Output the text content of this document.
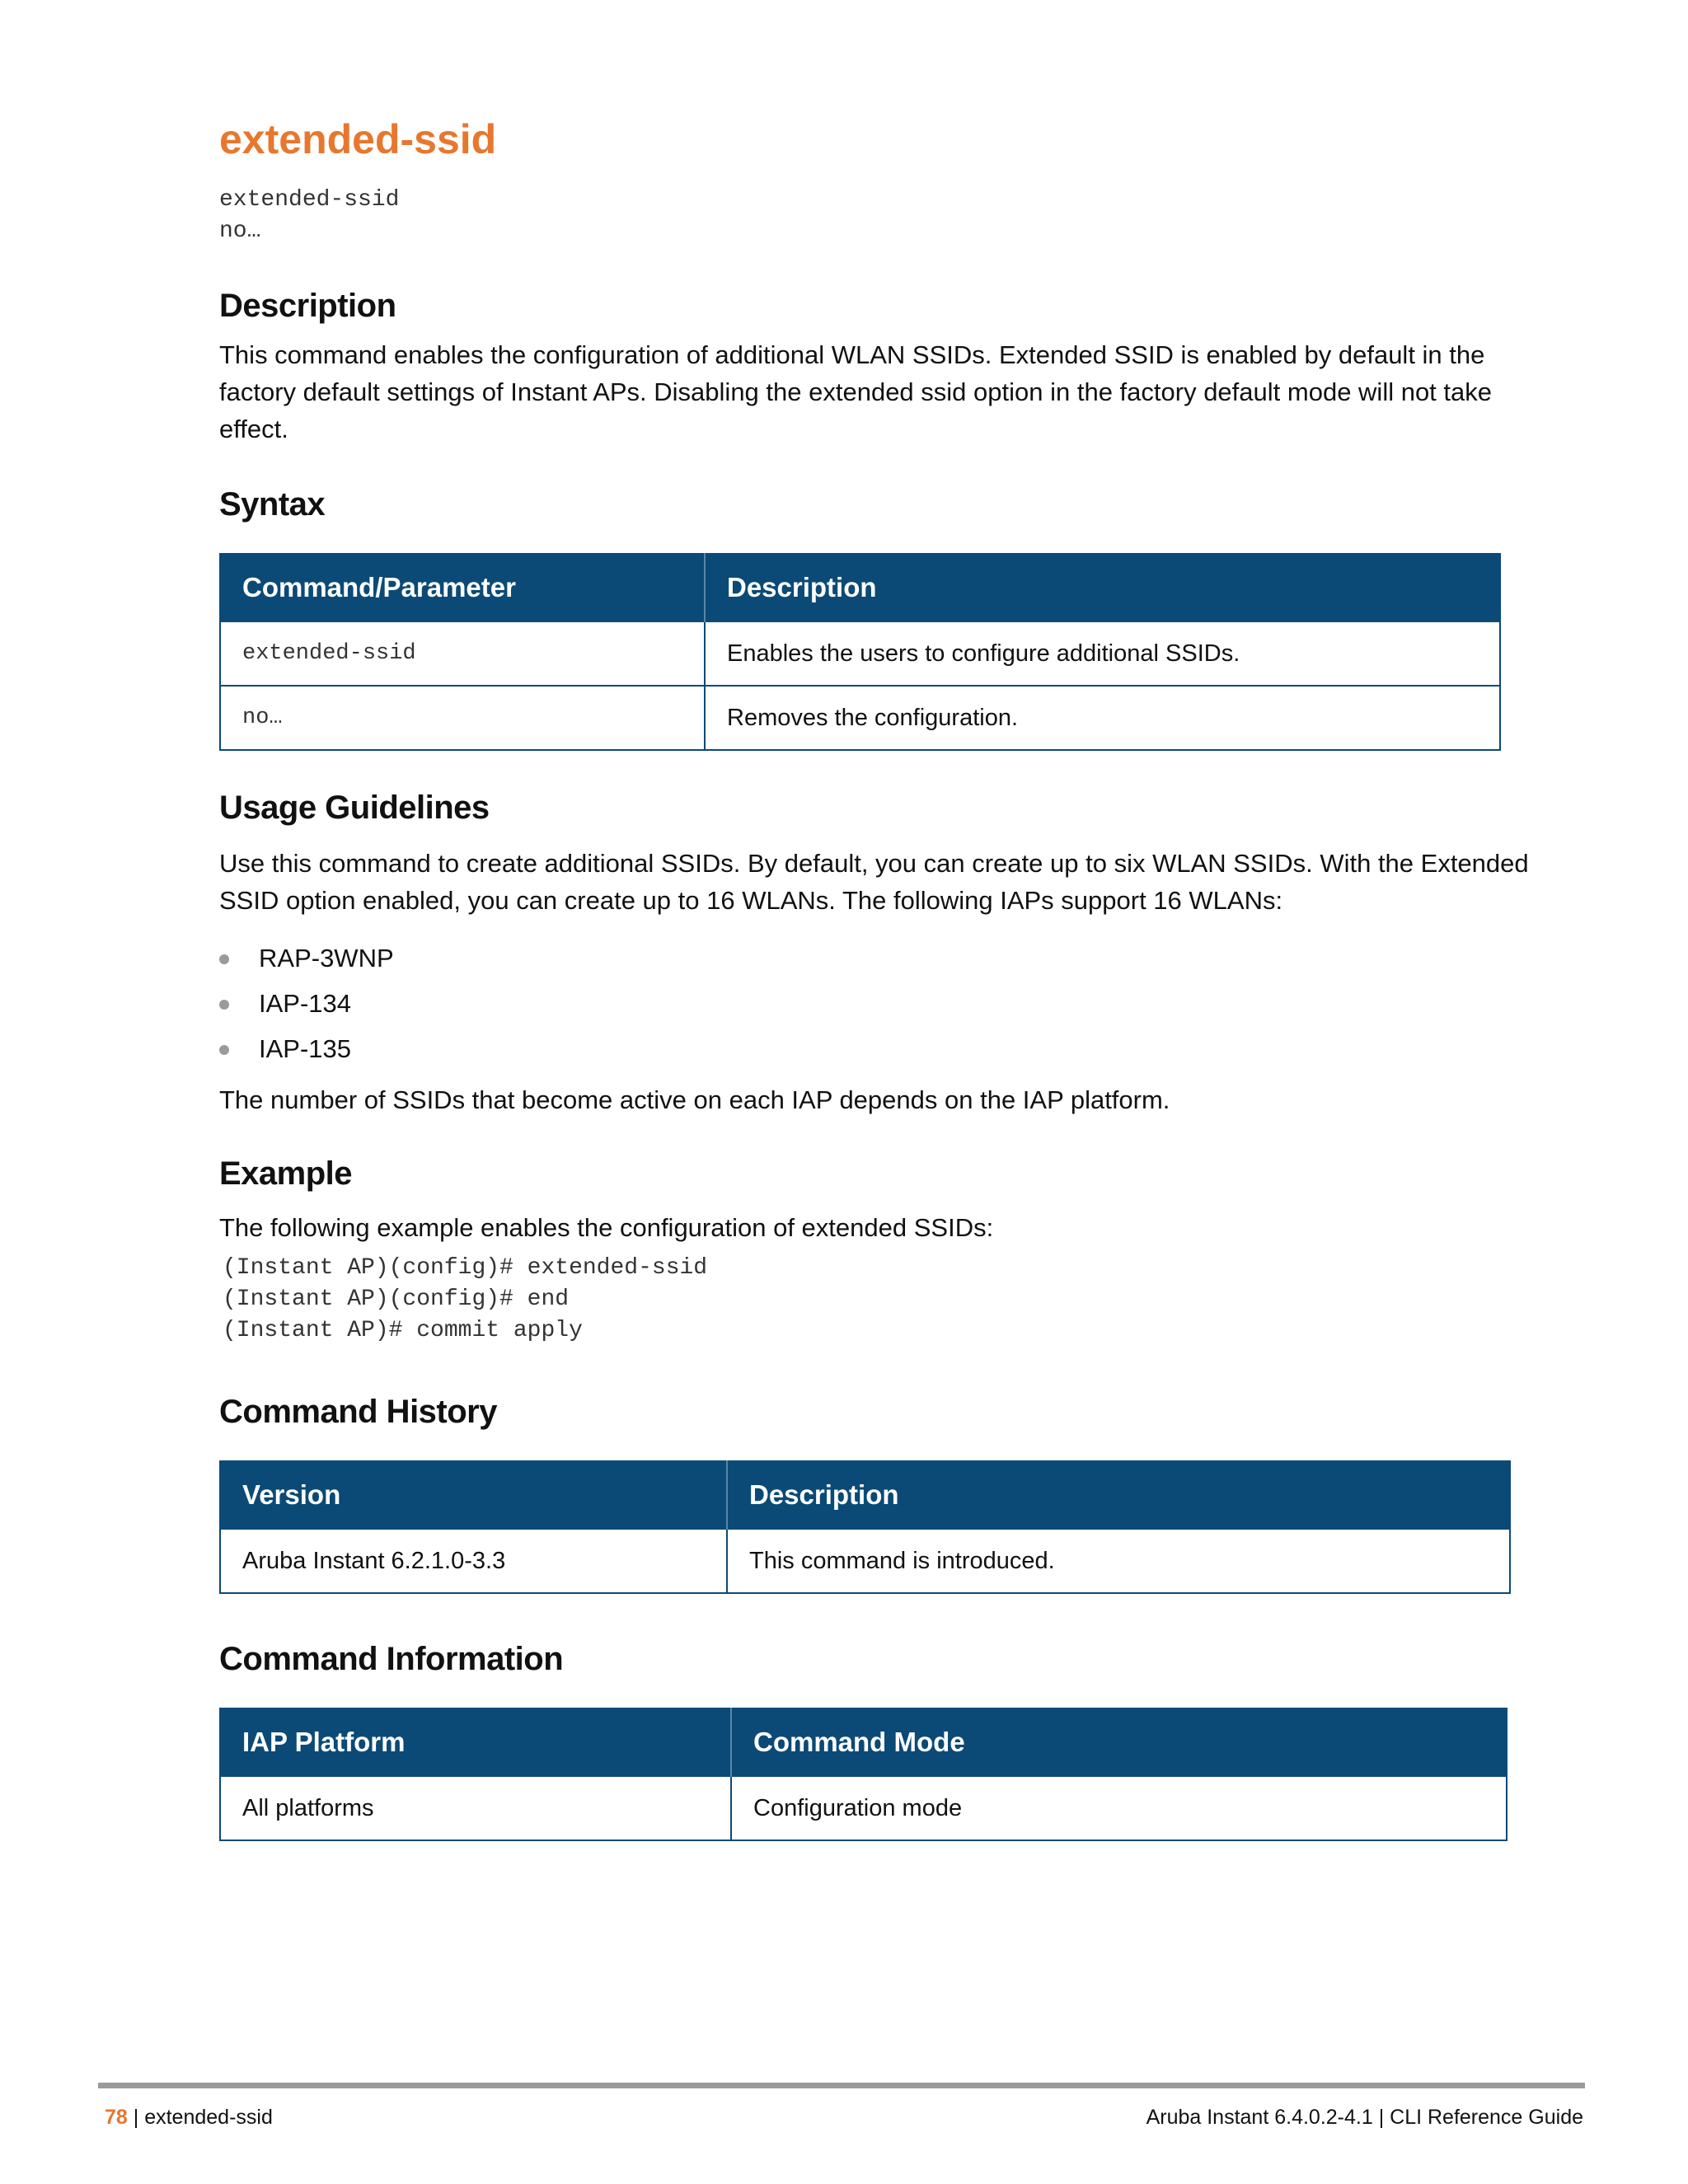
extended-ssid

extended-ssid

no…

Description

This command enables the configuration of additional WLAN SSIDs. Extended SSID is enabled by default in the factory default settings of Instant APs. Disabling the extended ssid option in the factory default mode will not take effect.

Syntax
Command/Parameter	Description
extended-ssid	Enables the users to configure additional SSIDs.
no…	Removes the configuration.
Usage Guidelines

Use this command to create additional SSIDs. By default, you can create up to six WLAN SSIDs. With the Extended SSID option enabled, you can create up to 16 WLANs. The following IAPs support 16 WLANs:

RAP-3WNP
IAP-134
IAP-135

The number of SSIDs that become active on each IAP depends on the IAP platform.

Example

The following example enables the configuration of extended SSIDs:

(Instant AP)(config)# extended-ssid

(Instant AP)(config)# end

(Instant AP)# commit apply

Command History
Version	Description
Aruba Instant 6.2.1.0-3.3	This command is introduced.
Command Information
IAP Platform	Command Mode
All platforms	Configuration mode
78 | extended-ssid	Aruba Instant 6.4.0.2-4.1 | CLI Reference Guide
